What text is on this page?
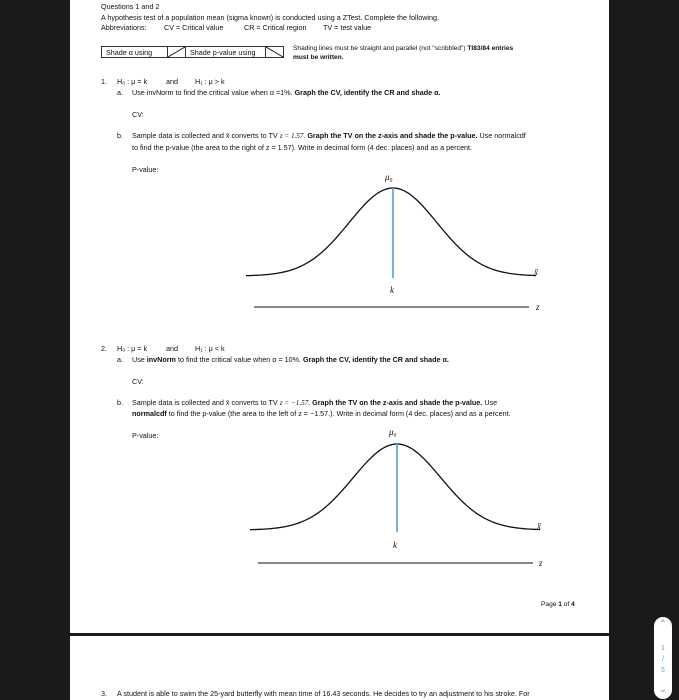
Questions 1 and 2
A hypothesis test of a population mean (sigma known) is conducted using a ZTest. Complete the following.
Abbreviations: CV = Critical value	CR = Critical region TV = test value
Shade α using	Shade p-value using	Shading lines must be straight and parallel (not "scribbled") TI83/84 entries
must be written.
1. H₀ : μ = k	and H₁ : μ > k
a. Use invNorm to find the critical value when α =1%. Graph the CV, identify the CR and shade α.
CV:
b. Sample data is collected and x̄ converts to TV z = 1.57. Graph the TV on the z-axis and shade the p-value. Use normalcdf
to find the p-value (the area to the right of z = 1.57). Write in decimal form (4 dec. places) and as a percent.
P-value:
μ₀
k
x̄
z
2. H₀ : μ = k	and H₁ : μ < k
a. Use invNorm to find the critical value when α = 10%. Graph the CV, identify the CR and shade α.
CV:
b. Sample data is collected and x̄ converts to TV z = −1.57. Graph the TV on the z-axis and shade the p-value. Use
normalcdf to find the p-value (the area to the left of z = −1.57.). Write in decimal form (4 dec. places) and as a percent.
P-value:	μ₀
k
x̄
z
Page 1 of 4
3. A student is able to swim the 25-yard butterfly with mean time of 16.43 seconds. He decides to try an adjustment to his stroke. For
⌃
1
/
5
⌄
